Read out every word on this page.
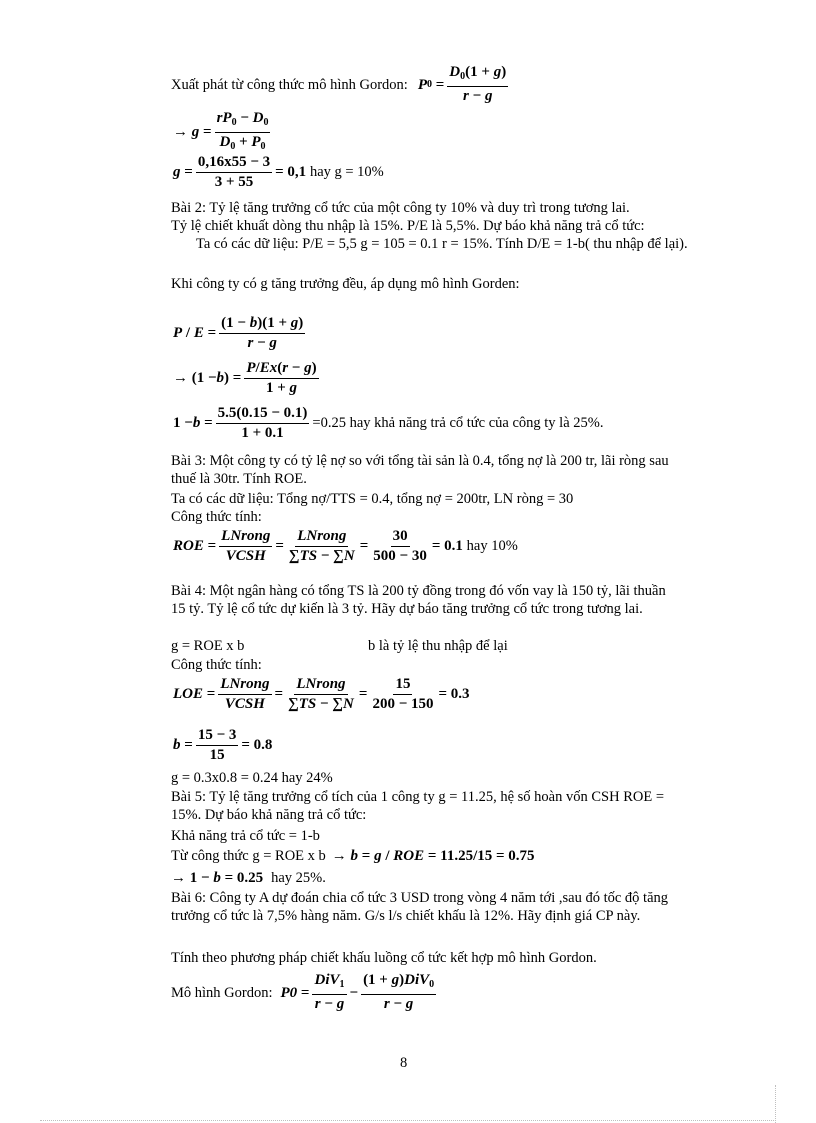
Xuất phát từ công thức mô hình Gordon: P $0 = \frac{D_0(1 + g)}{r - g}$
→ $g = \frac{rP_0 - D_0}{D_0 + P_0}$
$g = \frac{0,16x55 - 3}{3 + 55} = 0,1$ hay g = 10%
Bài 2: Tỷ lệ tăng trưởng cổ tức của một công ty 10% và duy trì trong tương lai.
Tỷ lệ chiết khuất dòng thu nhập là 15%. P/E là 5,5%. Dự báo khả năng trả cổ tức:
Ta có các dữ liệu: P/E = 5,5 g = 105 = 0.1 r = 15%. Tính D/E = 1-b( thu nhập để lại).
Khi công ty có g tăng trưởng đều, áp dụng mô hình Gorden:
$P / E = \frac{(1 - b)(1 + g)}{r - g}$
→ (1 − b ) = $\frac{P/Ex(r - g)}{1 + g}$
$1 - b = \frac{5.5(0.15 - 0.1)}{1 + 0.1} =0.25$ hay khả năng trả cổ tức của công ty là 25%.
Bài 3: Một công ty có tỷ lệ nợ so với tổng tài sản là 0.4, tổng nợ là 200 tr, lãi ròng sau thuế là 30tr. Tính ROE.
Ta có các dữ liệu: Tổng nợ/TTS = 0.4, tổng nợ = 200tr, LN ròng = 30
Công thức tính:
ROE = $\frac{\text{LNrong}}{\text{VCSH}} = \frac{\text{LNrong}}{\sum TS - \sum N} = \frac{30}{500 - 30} = 0.1$ hay 10%
Bài 4: Một ngân hàng có tổng TS là 200 tỷ đồng trong đó vốn vay là 150 tỷ, lãi thuần 15 tỷ. Tỷ lệ cổ tức dự kiến là 3 tỷ. Hãy dự báo tăng trưởng cổ tức trong tương lai.
g = ROE x b	b là tỷ lệ thu nhập để lại
Công thức tính:
LOE = $\frac{\text{LNrong}}{\text{VCSH}} = \frac{\text{LNrong}}{\sum TS - \sum N} = \frac{15}{200 - 150} = 0.3$
$b = \frac{15 - 3}{15} = 0.8$
g = 0.3x0.8 = 0.24 hay 24%
Bài 5: Tỷ lệ tăng trưởng cổ tích của 1 công ty g = 11.25, hệ số hoàn vốn CSH ROE = 15%. Dự báo khả năng trả cổ tức:
Khả năng trả cổ tức = 1-b
Từ công thức g = ROE x b → b = g / ROE = 11.25/15 = 0.75
→ 1 − b = 0.25 hay 25%.
Bài 6: Công ty A dự đoán chia cổ tức 3 USD trong vòng 4 năm tới ,sau đó tốc độ tăng trưởng cổ tức là 7,5% hàng năm. G/s l/s chiết khấu là 12%. Hãy định giá CP này.
Tính theo phương pháp chiết khấu luồng cổ tức kết hợp mô hình Gordon.
Mô hình Gordon: $P0 = \frac{DiV_1}{r - g} - \frac{(1 + g)DiV_0}{r - g}$
8
